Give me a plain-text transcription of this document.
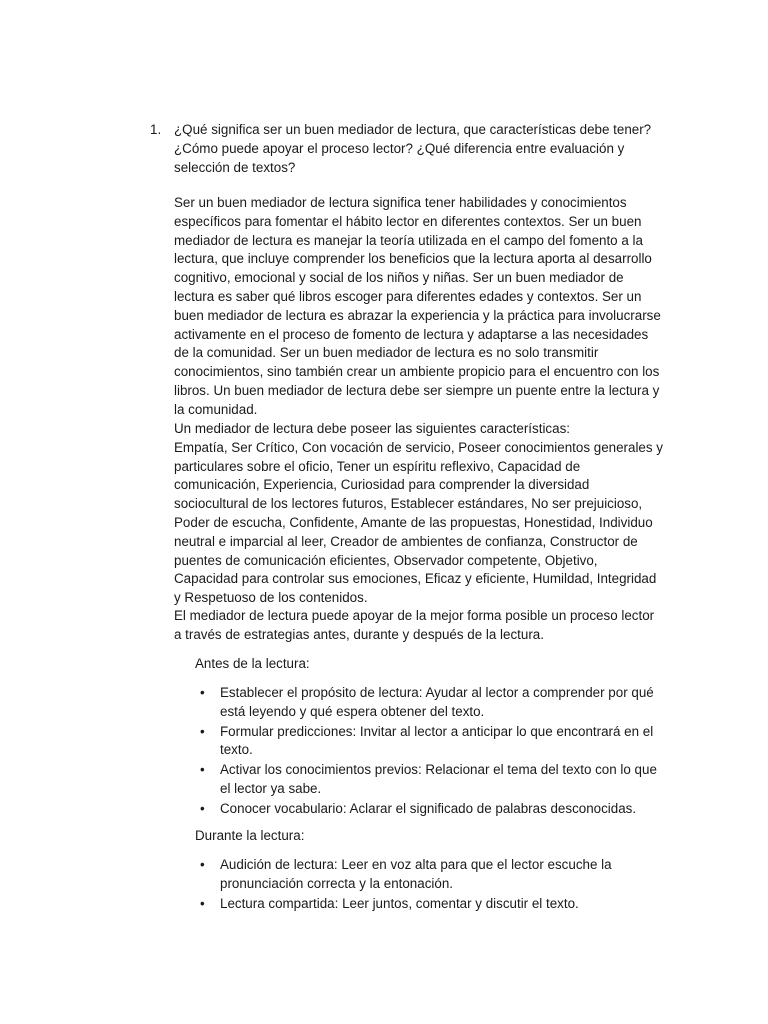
1. ¿Qué significa ser un buen mediador de lectura, que características debe tener? ¿Cómo puede apoyar el proceso lector? ¿Qué diferencia entre evaluación y selección de textos?

Ser un buen mediador de lectura significa tener habilidades y conocimientos específicos para fomentar el hábito lector en diferentes contextos. Ser un buen mediador de lectura es manejar la teoría utilizada en el campo del fomento a la lectura, que incluye comprender los beneficios que la lectura aporta al desarrollo cognitivo, emocional y social de los niños y niñas. Ser un buen mediador de lectura es saber qué libros escoger para diferentes edades y contextos. Ser un buen mediador de lectura es abrazar la experiencia y la práctica para involucrarse activamente en el proceso de fomento de lectura y adaptarse a las necesidades de la comunidad. Ser un buen mediador de lectura es no solo transmitir conocimientos, sino también crear un ambiente propicio para el encuentro con los libros. Un buen mediador de lectura debe ser siempre un puente entre la lectura y la comunidad.

Un mediador de lectura debe poseer las siguientes características:
Empatía, Ser Crítico, Con vocación de servicio, Poseer conocimientos generales y particulares sobre el oficio, Tener un espíritu reflexivo, Capacidad de comunicación, Experiencia, Curiosidad para comprender la diversidad sociocultural de los lectores futuros, Establecer estándares, No ser prejuicioso, Poder de escucha, Confidente, Amante de las propuestas, Honestidad, Individuo neutral e imparcial al leer, Creador de ambientes de confianza, Constructor de puentes de comunicación eficientes, Observador competente, Objetivo, Capacidad para controlar sus emociones, Eficaz y eficiente, Humildad, Integridad y Respetuoso de los contenidos.

El mediador de lectura puede apoyar de la mejor forma posible un proceso lector a través de estrategias antes, durante y después de la lectura.

Antes de la lectura:

• Establecer el propósito de lectura: Ayudar al lector a comprender por qué está leyendo y qué espera obtener del texto.
• Formular predicciones: Invitar al lector a anticipar lo que encontrará en el texto.
• Activar los conocimientos previos: Relacionar el tema del texto con lo que el lector ya sabe.
• Conocer vocabulario: Aclarar el significado de palabras desconocidas.

Durante la lectura:

• Audición de lectura: Leer en voz alta para que el lector escuche la pronunciación correcta y la entonación.
• Lectura compartida: Leer juntos, comentar y discutir el texto.
